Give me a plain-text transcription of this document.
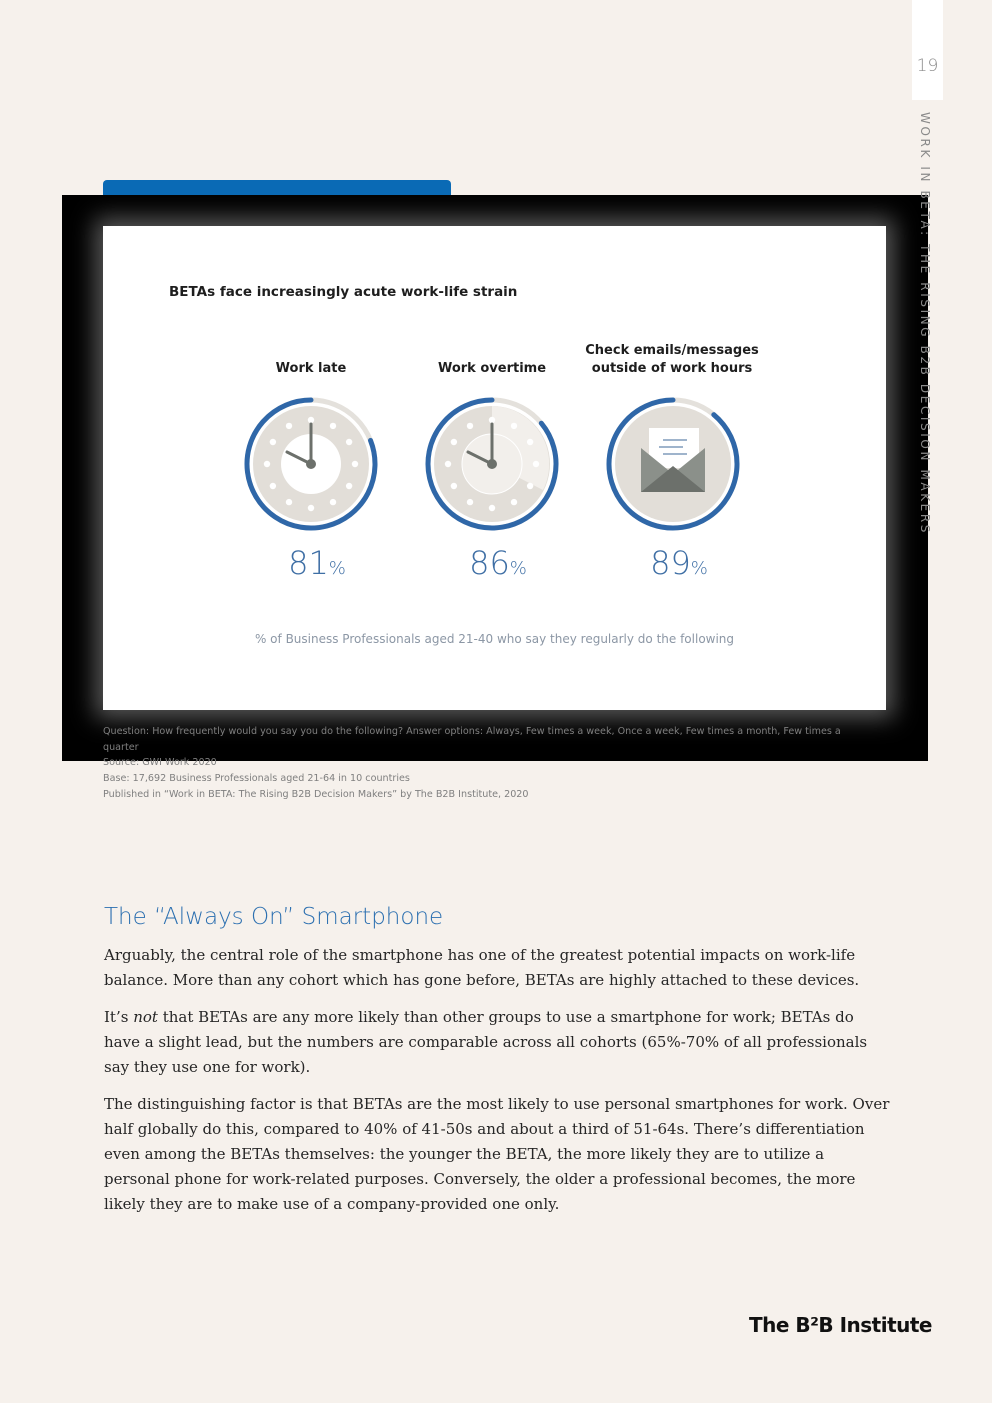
19
WORK IN BETA: THE RISING B2B DECISION MAKERS
BETAs face increasingly acute work-life strain
Work late
81%
Work overtime
86%
Check emails/messages
outside of work hours
89%
% of Business Professionals aged 21-40 who say they regularly do the following
Question: How frequently would you say you do the following? Answer options: Always, Few times a week, Once a week, Few times a month, Few times a quarter
Source: GWI Work 2020
Base: 17,692 Business Professionals aged 21-64 in 10 countries
Published in “Work in BETA: The Rising B2B Decision Makers” by The B2B Institute, 2020
The “Always On” Smartphone

Arguably, the central role of the smartphone has one of the greatest potential impacts on work-life balance. More than any cohort which has gone before, BETAs are highly attached to these devices.

It’s not that BETAs are any more likely than other groups to use a smartphone for work; BETAs do have a slight lead, but the numbers are comparable across all cohorts (65%-70% of all professionals say they use one for work).

The distinguishing factor is that BETAs are the most likely to use personal smartphones for work. Over half globally do this, compared to 40% of 41-50s and about a third of 51-64s. There’s differentiation even among the BETAs themselves: the younger the BETA, the more likely they are to utilize a personal phone for work-related purposes. Conversely, the older a professional becomes, the more likely they are to make use of a company-provided one only.

The B²B Institute
